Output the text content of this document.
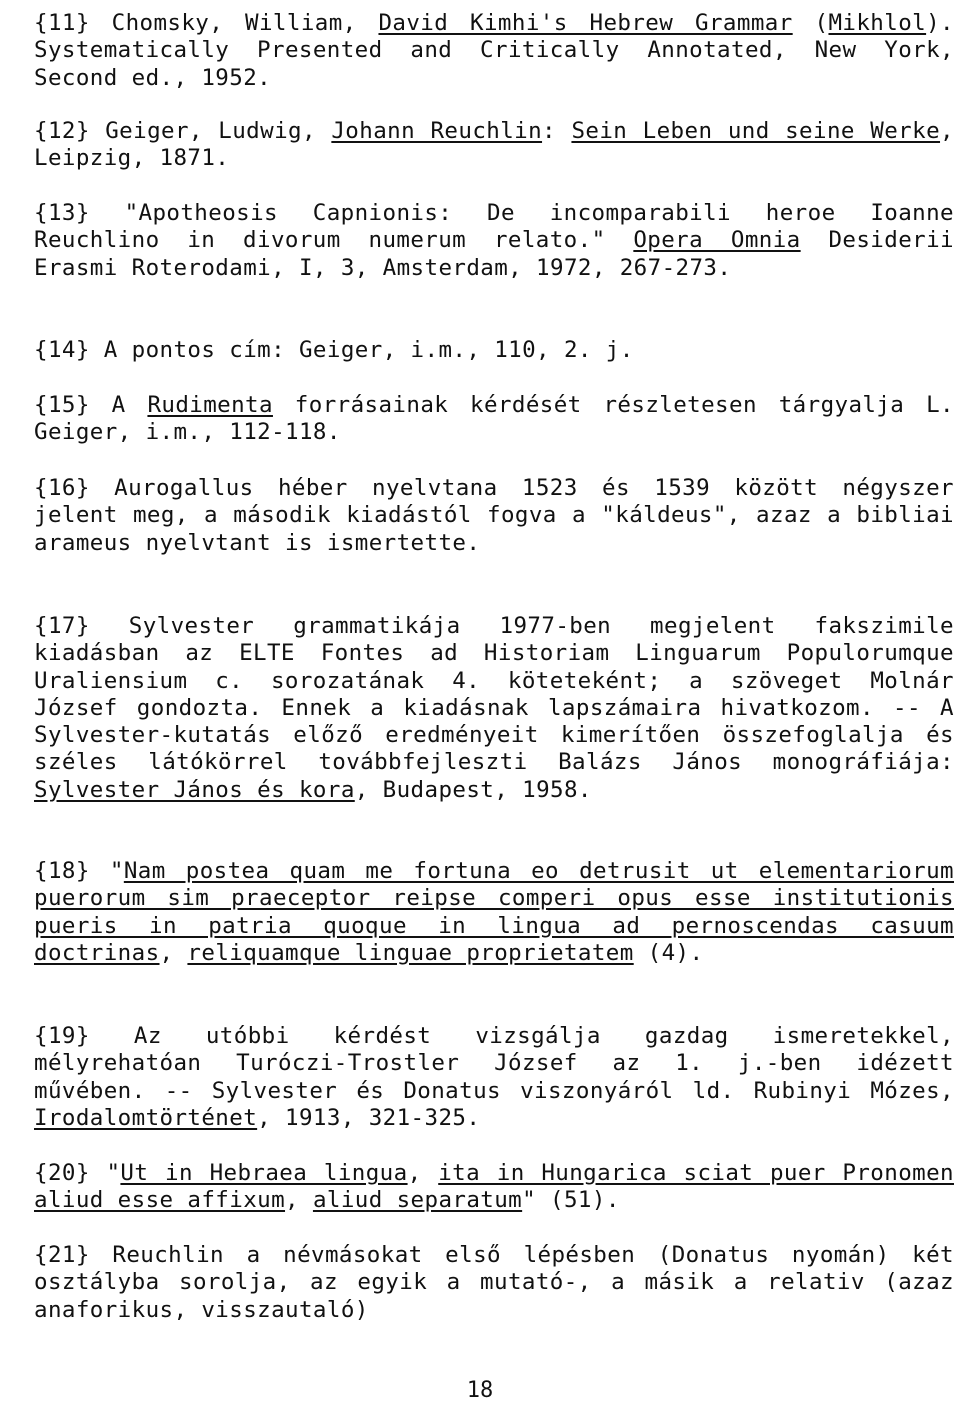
{11} Chomsky, William, David Kimhi's Hebrew Grammar (Mikhlol). Systematically Presented and Critically Annotated, New York, Second ed., 1952.

{12} Geiger, Ludwig, Johann Reuchlin: Sein Leben und seine Werke, Leipzig, 1871.

{13} "Apotheosis Capnionis: De incomparabili heroe Ioanne Reuchlino in divorum numerum relato." Opera Omnia Desiderii Erasmi Roterodami, I, 3, Amsterdam, 1972, 267-273.

{14} A pontos cím: Geiger, i.m., 110, 2. j.

{15} A Rudimenta forrásainak kérdését részletesen tárgyalja L. Geiger, i.m., 112-118.

{16} Aurogallus héber nyelvtana 1523 és 1539 között négyszer jelent meg, a második kiadástól fogva a "káldeus", azaz a bibliai arameus nyelvtant is ismertette.

{17} Sylvester grammatikája 1977-ben megjelent fakszimile kiadásban az ELTE Fontes ad Historiam Linguarum Populorumque Uraliensium c. sorozatának 4. köteteként; a szöveget Molnár József gondozta. Ennek a kiadásnak lapszámaira hivatkozom. -- A Sylvester-kutatás előző eredményeit kimerítően összefoglalja és széles látókörrel továbbfejleszti Balázs János monográfiája: Sylvester János és kora, Budapest, 1958.

{18} "Nam postea quam me fortuna eo detrusit ut elementariorum puerorum sim praeceptor reipse comperi opus esse institutionis pueris in patria quoque in lingua ad pernoscendas casuum doctrinas, reliquamque linguae proprietatem (4).

{19} Az utóbbi kérdést vizsgálja gazdag ismeretekkel, mélyrehatóan Turóczi-Trostler József az 1. j.-ben idézett művében. -- Sylvester és Donatus viszonyáról ld. Rubinyi Mózes, Irodalomtörténet, 1913, 321-325.

{20} "Ut in Hebraea lingua, ita in Hungarica sciat puer Pronomen aliud esse affixum, aliud separatum" (51).

{21} Reuchlin a névmásokat első lépésben (Donatus nyomán) két osztályba sorolja, az egyik a mutató-, a másik a relativ (azaz anaforikus, visszautaló)

18
